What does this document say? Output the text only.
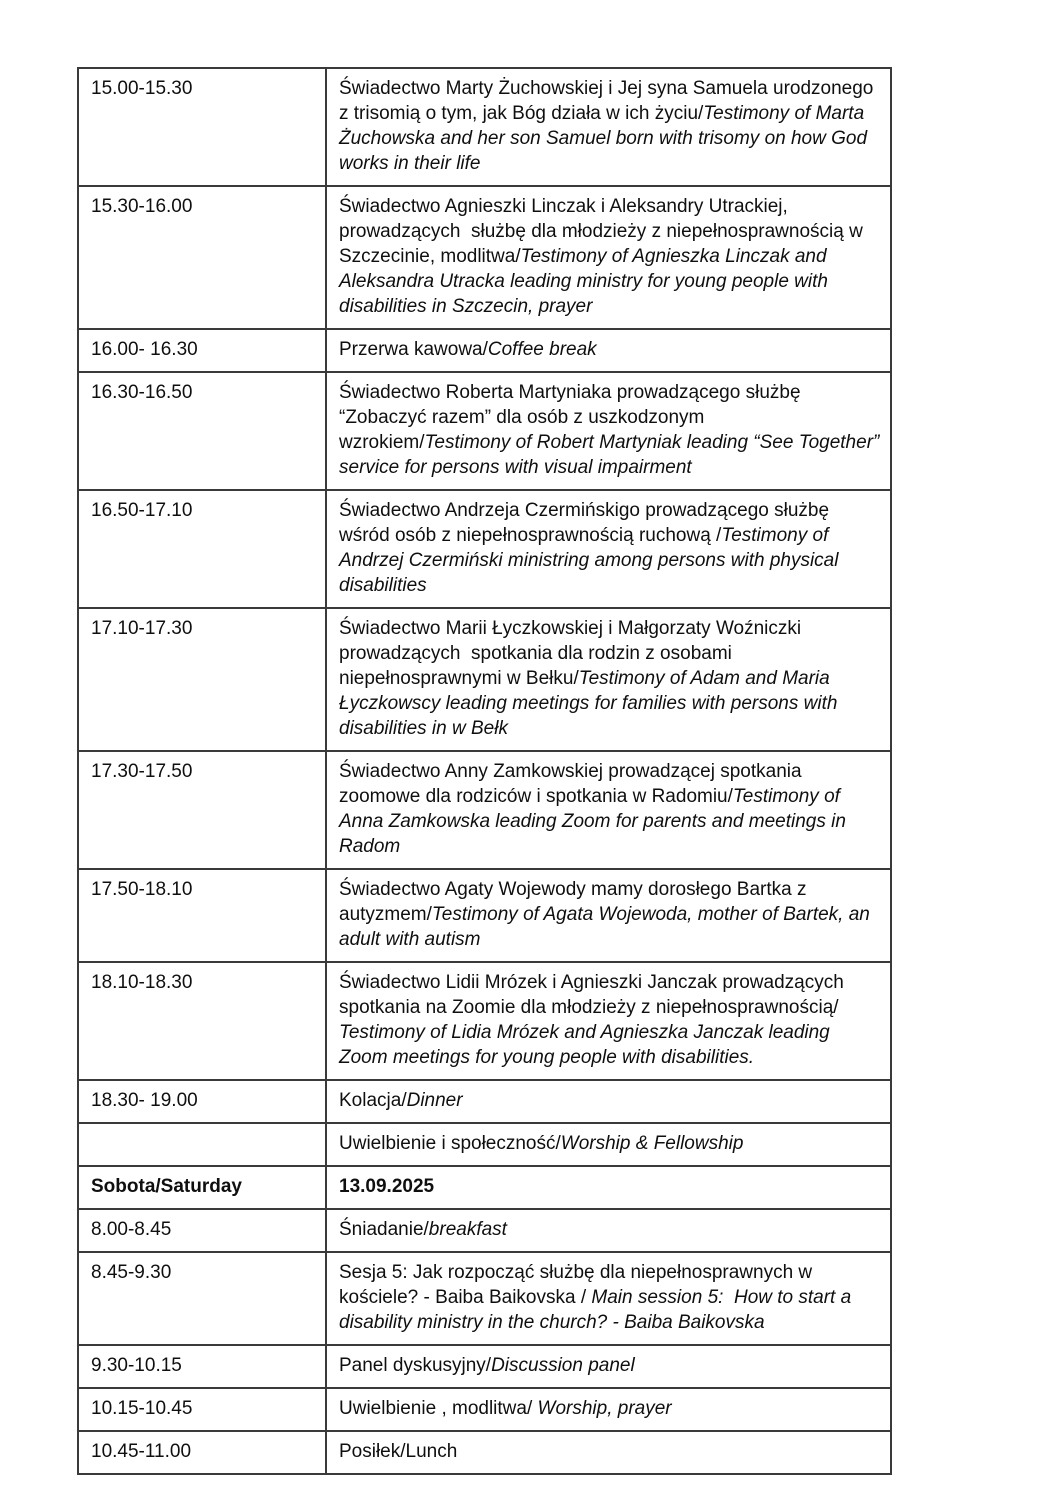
15.00-15.30	Świadectwo Marty Żuchowskiej i Jej syna Samuela urodzonego z trisomią o tym, jak Bóg działa w ich życiu/Testimony of Marta Żuchowska and her son Samuel born with trisomy on how God works in their life
15.30-16.00	Świadectwo Agnieszki Linczak i Aleksandry Utrackiej, prowadzących  służbę dla młodzieży z niepełnosprawnością w Szczecinie, modlitwa/Testimony of Agnieszka Linczak and Aleksandra Utracka leading ministry for young people with disabilities in Szczecin, prayer
16.00- 16.30	Przerwa kawowa/Coffee break
16.30-16.50	Świadectwo Roberta Martyniaka prowadzącego służbę “Zobaczyć razem” dla osób z uszkodzonym wzrokiem/Testimony of Robert Martyniak leading “See Together” service for persons with visual impairment
16.50-17.10	Świadectwo Andrzeja Czermińskigo prowadzącego służbę wśród osób z niepełnosprawnością ruchową /Testimony of Andrzej Czermiński ministring among persons with physical disabilities
17.10-17.30	Świadectwo Marii Łyczkowskiej i Małgorzaty Woźniczki prowadzących  spotkania dla rodzin z osobami niepełnosprawnymi w Bełku/Testimony of Adam and Maria Łyczkowscy leading meetings for families with persons with disabilities in w Bełk
17.30-17.50	Świadectwo Anny Zamkowskiej prowadzącej spotkania zoomowe dla rodziców i spotkania w Radomiu/Testimony of Anna Zamkowska leading Zoom for parents and meetings in Radom
17.50-18.10	Świadectwo Agaty Wojewody mamy dorosłego Bartka z autyzmem/Testimony of Agata Wojewoda, mother of Bartek, an adult with autism
18.10-18.30	Świadectwo Lidii Mrózek i Agnieszki Janczak prowadzących  spotkania na Zoomie dla młodzieży z niepełnosprawnością/ Testimony of Lidia Mrózek and Agnieszka Janczak leading Zoom meetings for young people with disabilities.
18.30- 19.00	Kolacja/Dinner
	Uwielbienie i społeczność/Worship & Fellowship
Sobota/Saturday	13.09.2025
8.00-8.45	Śniadanie/breakfast
8.45-9.30	Sesja 5: Jak rozpocząć służbę dla niepełnosprawnych w kościele? - Baiba Baikovska / Main session 5:  How to start a disability ministry in the church? - Baiba Baikovska
9.30-10.15	Panel dyskusyjny/Discussion panel
10.15-10.45	Uwielbienie , modlitwa/ Worship, prayer
10.45-11.00	Posiłek/Lunch
